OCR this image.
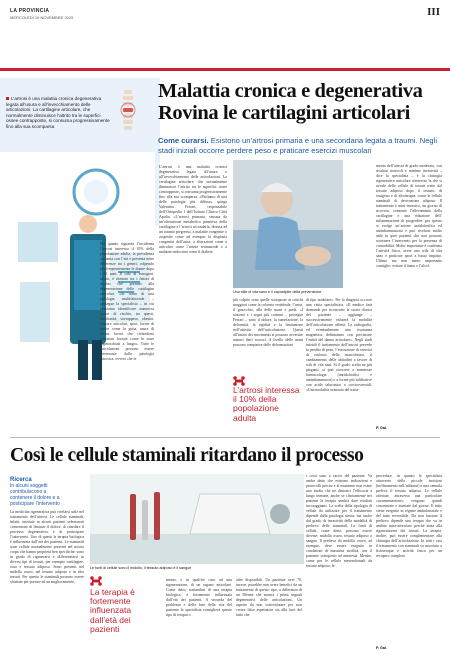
LA PROVINCIA
MERCOLEDÌ 19 NOVEMBRE 2025	III
L’artrosi è una malattia cronica degenerativa legata all’usura e all’invecchiamento delle articolazioni. La cartilagine articolare, che normalmente diminuisce l’attrito tra le superfici ossee contrapposte, si consuma progressivamente fino alla sua scomparsa
Malattia cronica e degenerativa
Rovina le cartilagini articolari
Come curarsi. Esistono un’artrosi primaria e una secondaria legata a traumi. Negli stadi iniziali occorre perdere peso e praticare esercizi muscolari
L’artrosi è una malattia cronica degenerativa legata all’usura e all’invecchiamento delle articolazioni. La cartilagine articolare, che normalmente diminuisce l’attrito tra le superfici ossee contrapposte, si consuma progressivamente fino alla sua scomparsa. «Parliamo di una delle patologie più diffuse» spiega Valentina Ferrari, responsabile dell’Ortopedia 1 dell’Istituto Clinico Città Apulia. «L’artrosi primaria, causata da un’alterazione metabolica primitiva della cartilagine e l’artrosi secondaria, dovuta ad un trauma pregresso, a malattie congenite o acquisite come ad esempio la displasia congenita dell’anca, a alterazioni come a articolari come l’artrite reumatoide o a malattie endocrine come il diabete.
Per quanto riguarda l’incidenza l’artrosi interessa il 10% della popolazione adulta, la prevalenza aumenta con l’età e presenta nette differenze tra i generi, colpendo più frequentemente le donne dopo i 55 anni. Il calo di estrogeni, infatti, è ritenuto tra i fattori di rischio che portano alla degenerazione delle cartilagini articolari. «Si tratta di una patologia multifattoriale – prosegue la specialista – in cui possiamo identificare numerosi fattori di rischio, tra questi, familiarità, sovrappeso, obesità, fratture articolari, sport, forme di artrite come la gotta, usura di alcuni lavori che richiedono posizioni forzate come lo stare inginocchiati a lungo». Tutte le articolazioni possono essere interessate dalla patologia artrosica, ovvero che le
Uno stile di vita sano e il capostipite della prevenzione
più colpite sono quelle sottoposte ai carichi maggiori come la colonna vertebrale, l’anca, il ginocchio, alla delle mani e piedi. «I sintomi e i segni più comuni – prosegue Ferrari – sono il dolore, la tumefazione, la deformità, la rigidità e la limitazione nell’attività dell’articolazione. Questi all’inizio dei movimenti si possono avvertire rumori detti scrosci. A livello delle mani possono comparire delle deformazioni
di tipo nodulare». Per la diagnosi occorre una visita specialistica. «Il medico farà domande per ricostruire la storia clinica del paziente – aggiunge – successivamente valuterà la mobilità dell’articolazione affetta. La radiografia, ed eventualmente una risonanza magnetica, definiranno con precisione l’entità del danno articolare». Negli stadi iniziali il trattamento dell’artrosi prevede la perdita di peso, l’esecuzione di esercizi di rinforzo della muscolatura, il cambiamento delle abitudini a favore di stili di vita sani. Si il goalo scelta ne più pieganti, si può ricorrere a numerose farmacologia (antidolorifici e antinfiammatori) o a forme più infiltrative con acido ialuronico o corticosteroidi. «Una modalità avanzata del tratta-
mento dell’artrosi di grado moderato, con risultati notevoli e minima invasività – dice la specialista – è la chirurgia rigenerativa articolare attraverso la che si avvale delle cellule di tessuti tratte dal tessuto adiposo dopo il tessuto, di ossigeno e di idroterapia, come le cellule staminali di derivazione adiposa. Il trattamento è mini-invasivo, un giorno di ricovero, consente l’allevamento della cartilagine e una riduzione dell’ infiammazione di progredire, per questo si svolge un’azione antidolorifica ed antinfiammatoria e può rivelarsi molto utile in quei pazienti che non possono sostenere l’intervento per la presenza di comorbilità. Molto importante è conferma l’attività fisica, avere uno stile di vita sano e praticare sport a basso impatto. Ultimo ma non meno importante consiglio: evitare il fumo e l’alcol.
L’artrosi interessa il 10% della popolazione adulta
P. Gal.
Così le cellule staminali ritardano il processo
Ricerca
In alcuni soggetti contribuiscono a contenere il dolore e a posticipare l’intervento
La medicina rigenerativa può rivelarsi utile nel trattamento dell’artrosi. Le cellule staminali, infatti, iniettate in alcuni pazienti selezionati consentono di limitare il dolore, di ritardare il processo degenerativo e di posticipare l’intervento. Uno di questi la terapia biologica è influenzata dall’età dei pazienti. Le staminali sono cellule normalmente presenti nel nostro corpo che hanno proprietà ben specifiche: sono in grado di rigenerarsi e differenziarsi in diversi tipi di tessuti, per esempio cartilagine, ossa e tessuto adiposo. Sono presenti nel midollo osseo, nel tessuto adiposo e in altri tessuti. Per questo le staminali possono essere sfruttate per portare ad un miglioramento,
Le fonti di cellule sono il midollo, il tessuto adiposo e il sangue
La terapia è fortemente influenzata dall’età dei pazienti
mento, e in qualche caso ad una rigenerazione, di un organo articolare. Come detto, trattandosi di una terapia biologica, è fortemente influenzata dall’età dei pazienti. A seconda del problema e della fase della vita del paziente la specialista consiglierà questo tipo di terapia o
altre disponibili. Un paziente over 70, invece, potrebbe non avere benefici da un trattamento di questo tipo, a differenza di un 50enne che mostra i primi segnali degenerativi delle articolazioni. Un aspetto da non sottovalutare per non creare false aspettative sia alla luce del fatto che
i costi sono a carico del paziente. Va anche detto che esistono indicazioni e protocolli precisi e al momento non esiste uno studio che ne dimostri l’efficacia a lungo termine, anche se clinicamente nei pazienti la terapia sembra dare risultati incoraggianti. La scelta della tipologia di cellule da utilizzare per il trattamento dipende dalla patologia stessa, ma anche dal grado di invasività della modalità di prelievo delle staminali. Le fonti di cellule, come detto, possono essere diverse: midollo osseo, tessuto adiposo o sangue. Il prelievo da midollo osseo, ad esempio, deve essere eseguito in condizioni di massima sterilità, con il paziente sottoposto ad anestesia. Mentre, come per le cellule mesenchimali da tessuto adiposo, le
procedure, in quanto le specialista attraverso delle piccole incisioni (infiltramento nell’addome) e una cannula preleva il tessuto adiposo. Le cellule ottenute, attraverso una particolare «strumentazione» vengono quindi concentrate e iniettate dal giorno. Il tutto viene eseguito in regime ambulatoriale e del tutto reversibile. Da non lasciare il prelievo dipende una terapia che va in ambito intra-articolare perché aiuta alla rigenerazione dei tessuti. La terapia, inoltre, può essere complementare alla chirurgia dell’articolazione. In tutti i casi il trattamento con staminali va associato a fisioterapia e attività fisica per un recupero completo.
P. Gal.
